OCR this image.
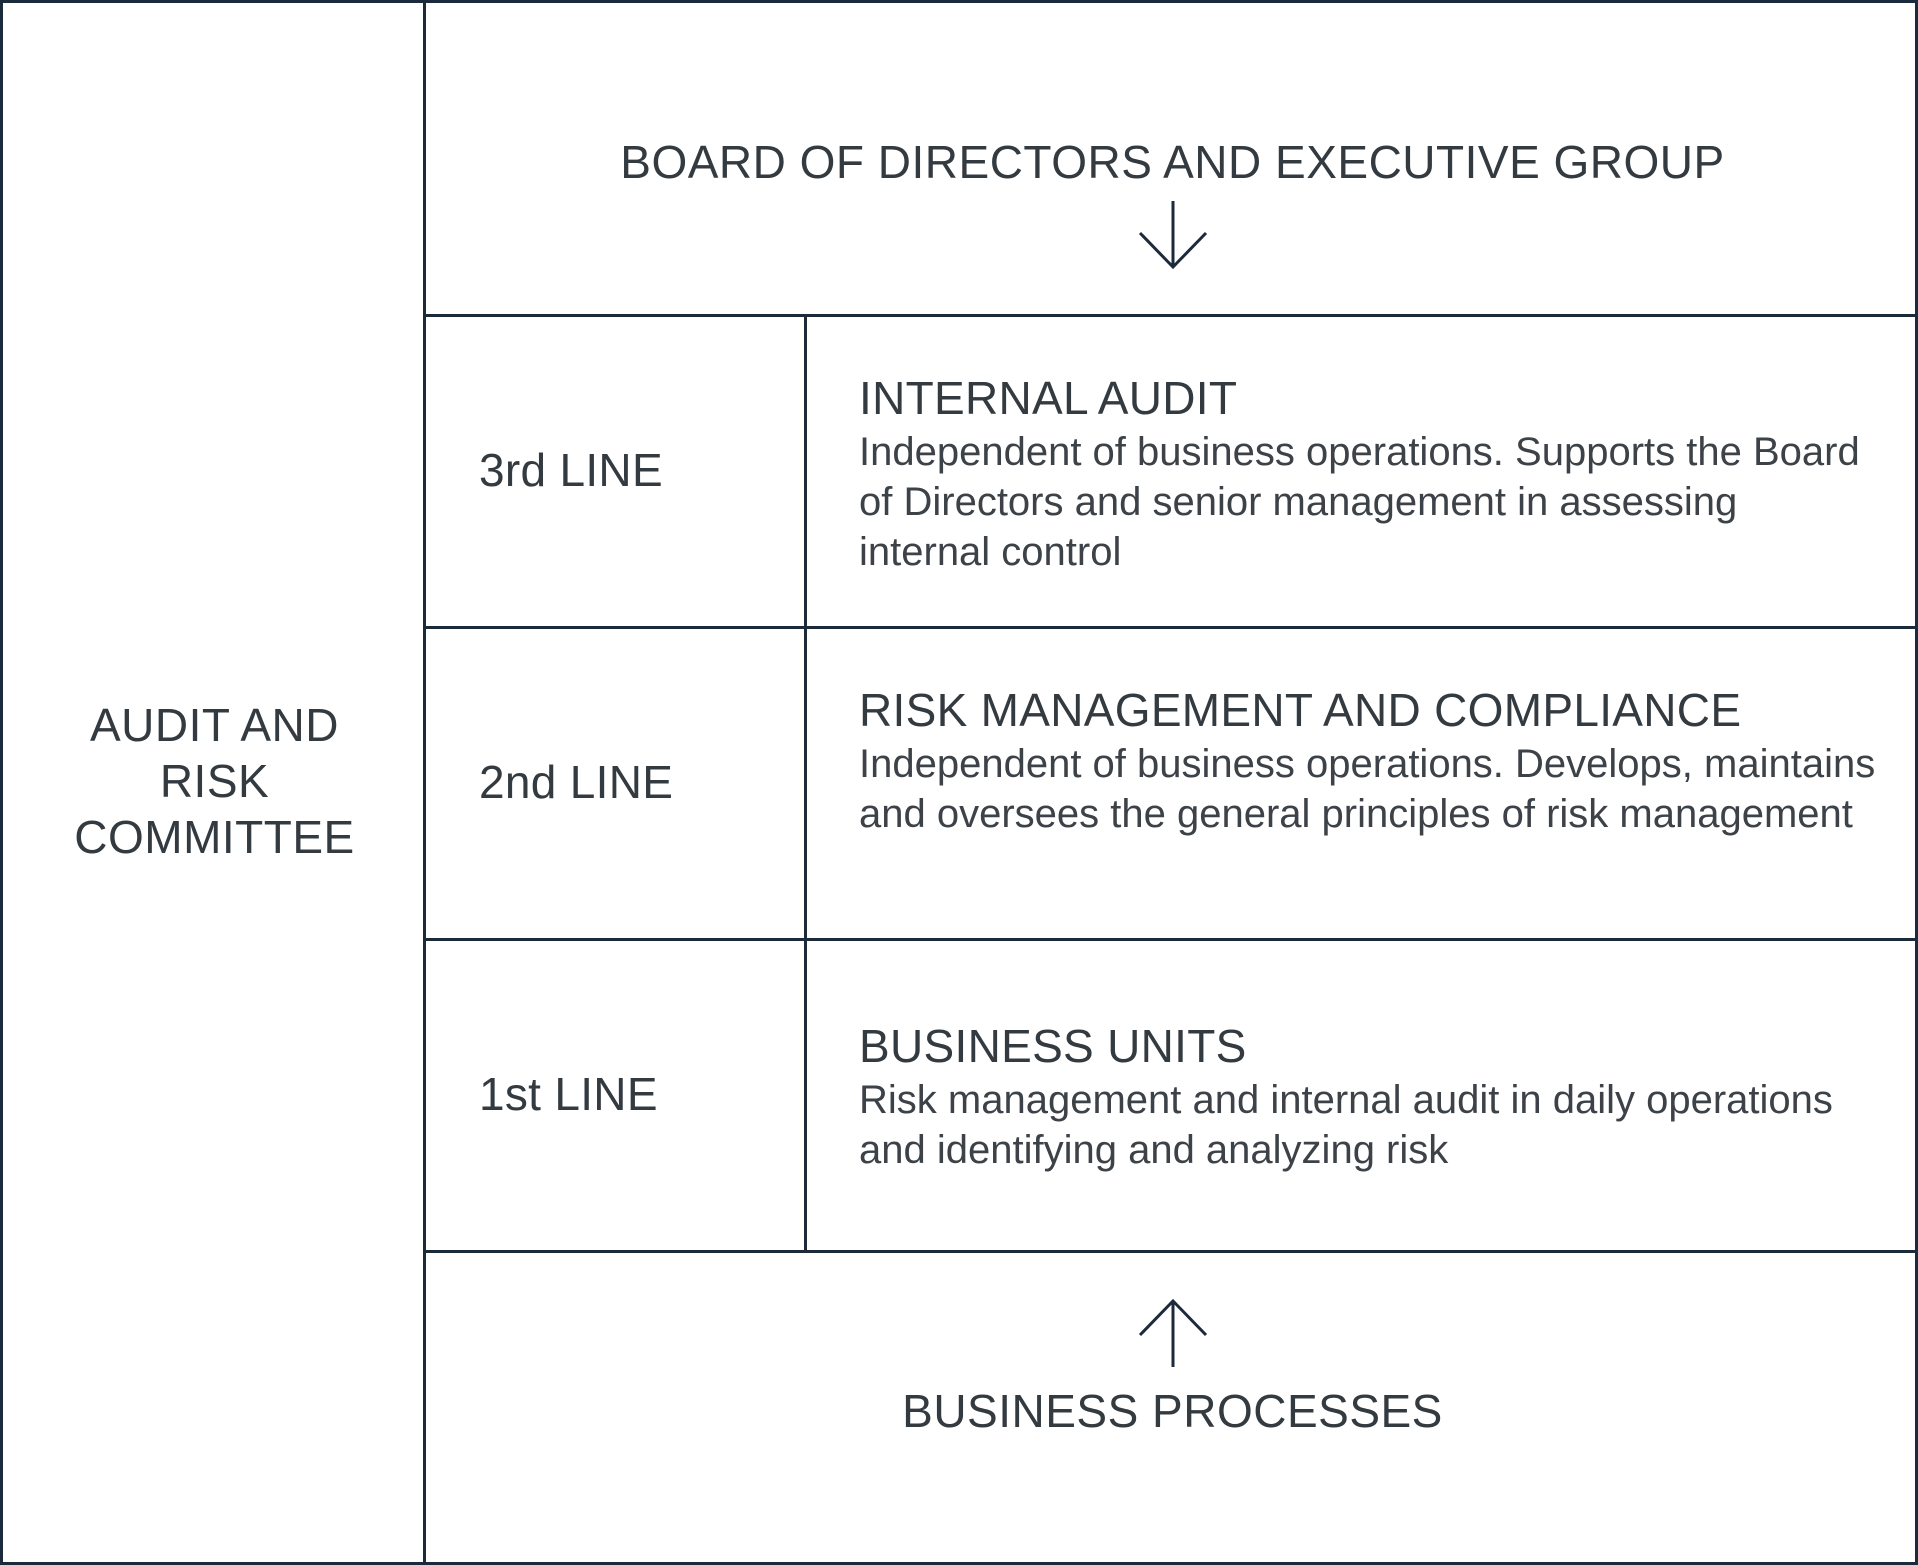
AUDIT AND RISK COMMITTEE
BOARD OF DIRECTORS AND EXECUTIVE GROUP
3rd LINE
INTERNAL AUDIT
Independent of business operations. Supports the Board of Directors and senior management in assessing internal control
2nd LINE
RISK MANAGEMENT AND COMPLIANCE
Independent of business operations. Develops, maintains and oversees the general principles of risk management
1st LINE
BUSINESS UNITS
Risk management and internal audit in daily operations and identifying and analyzing risk
BUSINESS PROCESSES
